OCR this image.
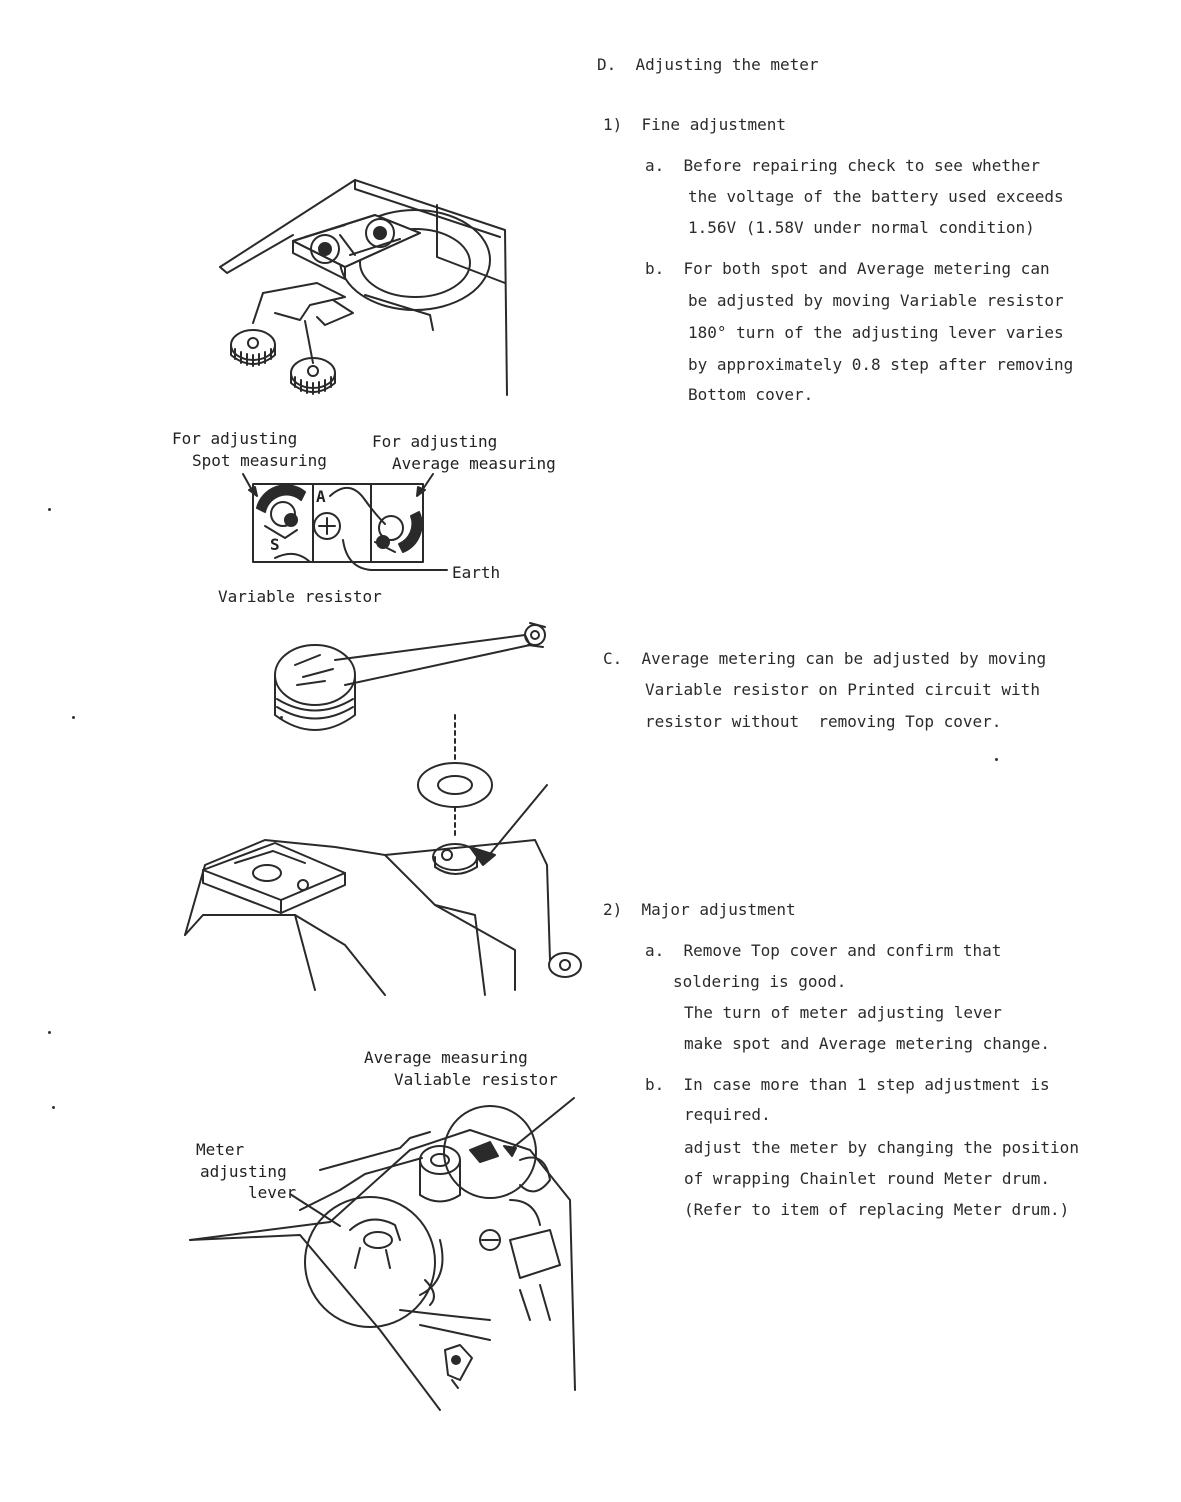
D.  Adjusting the meter
1)  Fine adjustment
a.  Before repairing check to see whether
the voltage of the battery used exceeds
1.56V (1.58V under normal condition)
b.  For both spot and Average metering can
be adjusted by moving Variable resistor
180° turn of the adjusting lever varies
by approximately 0.8 step after removing
Bottom cover.
C.  Average metering can be adjusted by moving
Variable resistor on Printed circuit with
resistor without  removing Top cover.
2)  Major adjustment
a.  Remove Top cover and confirm that
soldering is good.
The turn of meter adjusting lever
make spot and Average metering change.
b.  In case more than 1 step adjustment is
required.
adjust the meter by changing the position
of wrapping Chainlet round Meter drum.
(Refer to item of replacing Meter drum.)
For adjusting
Spot measuring
For adjusting
Average measuring
Earth
Variable resistor
A
S
Average measuring
Valiable resistor
Meter
adjusting
lever
